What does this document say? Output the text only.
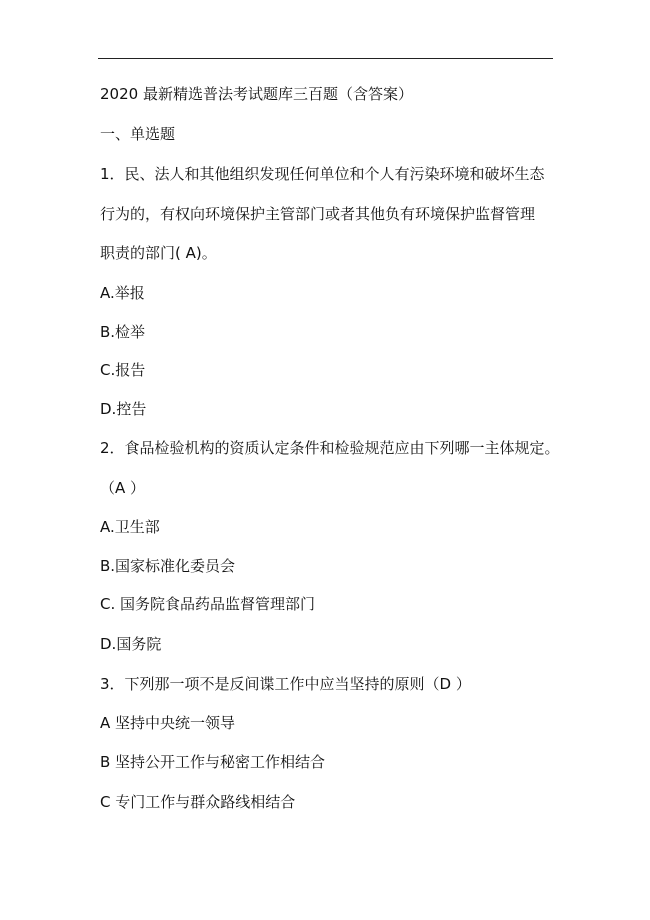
2020 最新精选普法考试题库三百题（含答案）
一、单选题
1．民、法人和其他组织发现任何单位和个人有污染环境和破坏生态
行为的，有权向环境保护主管部门或者其他负有环境保护监督管理
职责的部门( A)。
A.举报
B.检举
C.报告
D.控告
2．食品检验机构的资质认定条件和检验规范应由下列哪一主体规定。
（A ）
A.卫生部
B.国家标准化委员会
C. 国务院食品药品监督管理部门
D.国务院
3．下列那一项不是反间谍工作中应当坚持的原则（D ）
A 坚持中央统一领导
B 坚持公开工作与秘密工作相结合
C 专门工作与群众路线相结合
